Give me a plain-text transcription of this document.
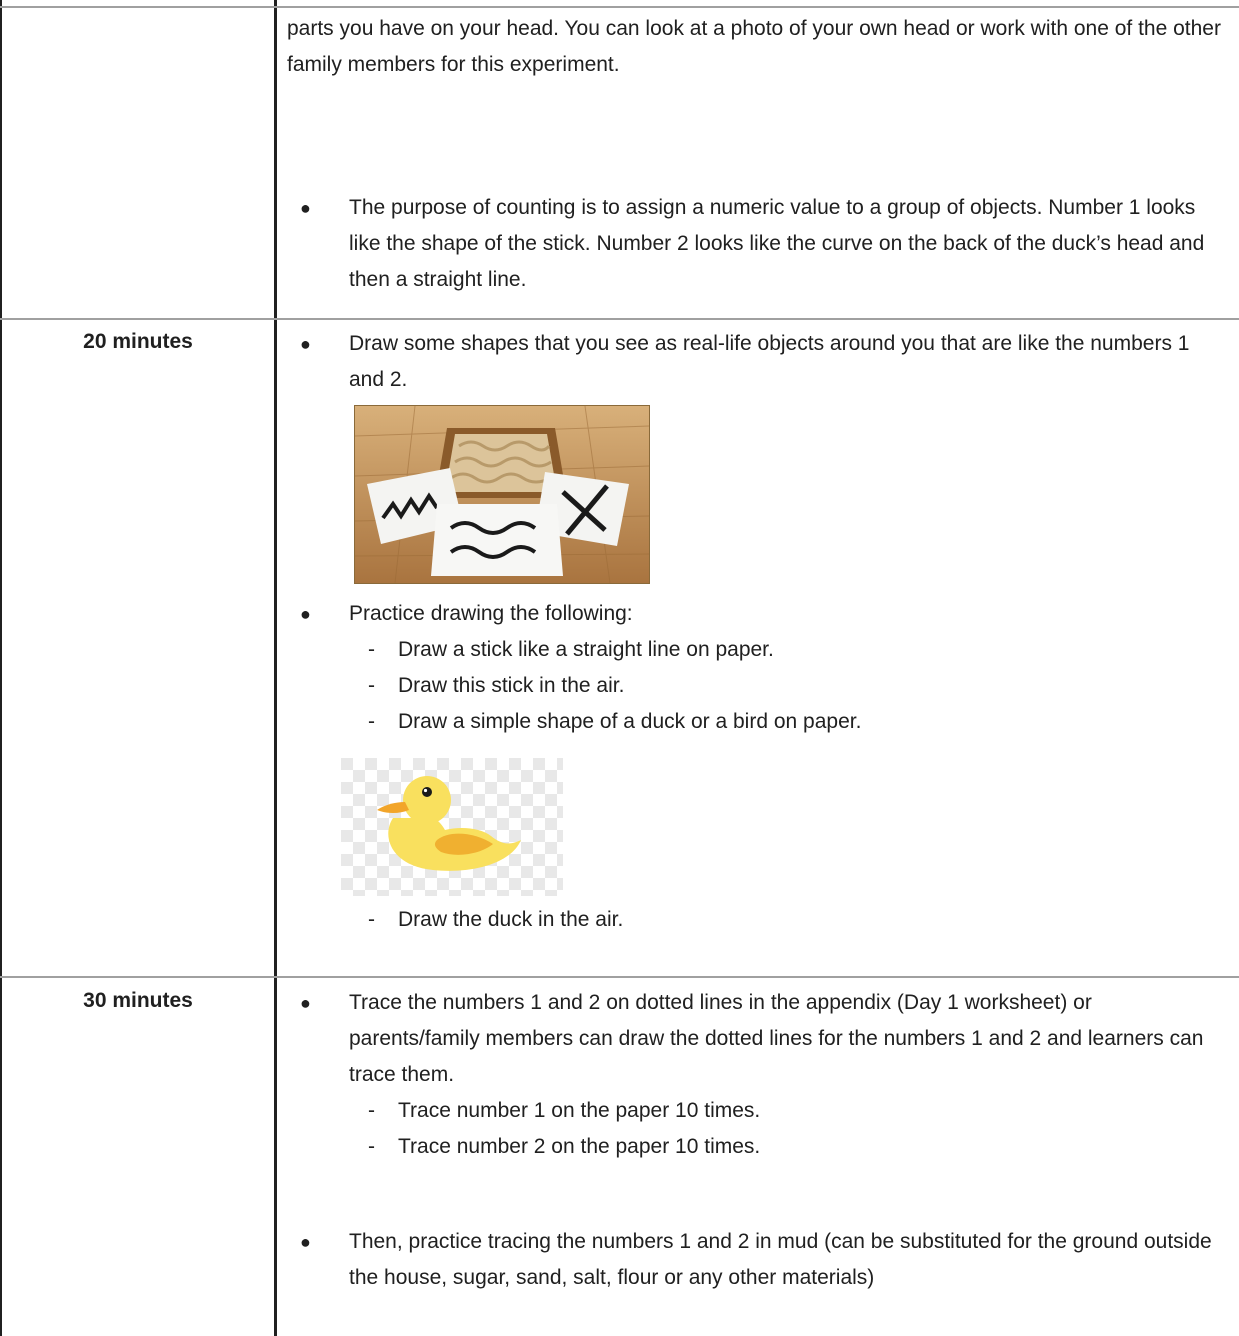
parts you have on your head. You can look at a photo of your own head or work with one of the other family members for this experiment.

● The purpose of counting is to assign a numeric value to a group of objects. Number 1 looks like the shape of the stick. Number 2 looks like the curve on the back of the duck’s head and then a straight line.
20 minutes	● Draw some shapes that you see as real-life objects around you that are like the numbers 1 and 2.
● Practice drawing the following:
- Draw a stick like a straight line on paper.
- Draw this stick in the air.
- Draw a simple shape of a duck or a bird on paper.
- Draw the duck in the air.
30 minutes	● Trace the numbers 1 and 2 on dotted lines in the appendix (Day 1 worksheet) or parents/family members can draw the dotted lines for the numbers 1 and 2 and learners can trace them.
- Trace number 1 on the paper 10 times.
- Trace number 2 on the paper 10 times.
● Then, practice tracing the numbers 1 and 2 in mud (can be substituted for the ground outside the house, sugar, sand, salt, flour or any other materials)
